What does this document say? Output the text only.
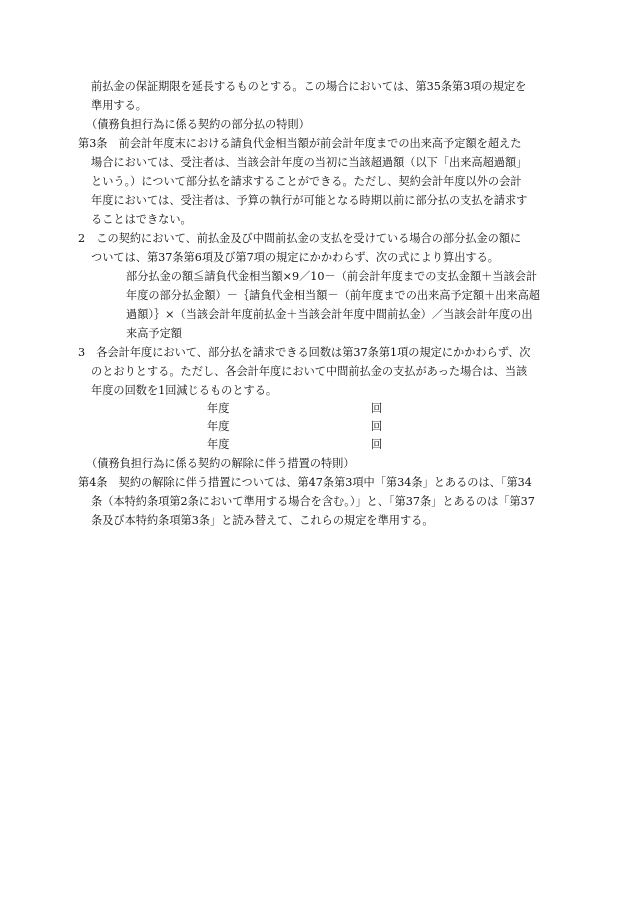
前払金の保証期限を延長するものとする。この場合においては、第35条第3項の規定を
準用する。
（債務負担行為に係る契約の部分払の特則）
第3条　前会計年度末における請負代金相当額が前会計年度までの出来高予定額を超えた
場合においては、受注者は、当該会計年度の当初に当該超過額（以下「出来高超過額」
という。）について部分払を請求することができる。ただし、契約会計年度以外の会計
年度においては、受注者は、予算の執行が可能となる時期以前に部分払の支払を請求す
ることはできない。
2　この契約において、前払金及び中間前払金の支払を受けている場合の部分払金の額に
ついては、第37条第6項及び第7項の規定にかかわらず、次の式により算出する。
部分払金の額≦請負代金相当額×9／10－（前会計年度までの支払金額＋当該会計
年度の部分払金額）－｛請負代金相当額－（前年度までの出来高予定額＋出来高超
過額）｝×（当該会計年度前払金＋当該会計年度中間前払金）／当該会計年度の出
来高予定額
3　各会計年度において、部分払を請求できる回数は第37条第1項の規定にかかわらず、次
のとおりとする。ただし、各会計年度において中間前払金の支払があった場合は、当該
年度の回数を1回減じるものとする。
年度	回
年度	回
年度	回
（債務負担行為に係る契約の解除に伴う措置の特則）
第4条　契約の解除に伴う措置については、第47条第3項中「第34条」とあるのは、「第34
条（本特約条項第2条において準用する場合を含む。）」と、「第37条」とあるのは「第37
条及び本特約条項第3条」と読み替えて、これらの規定を準用する。
